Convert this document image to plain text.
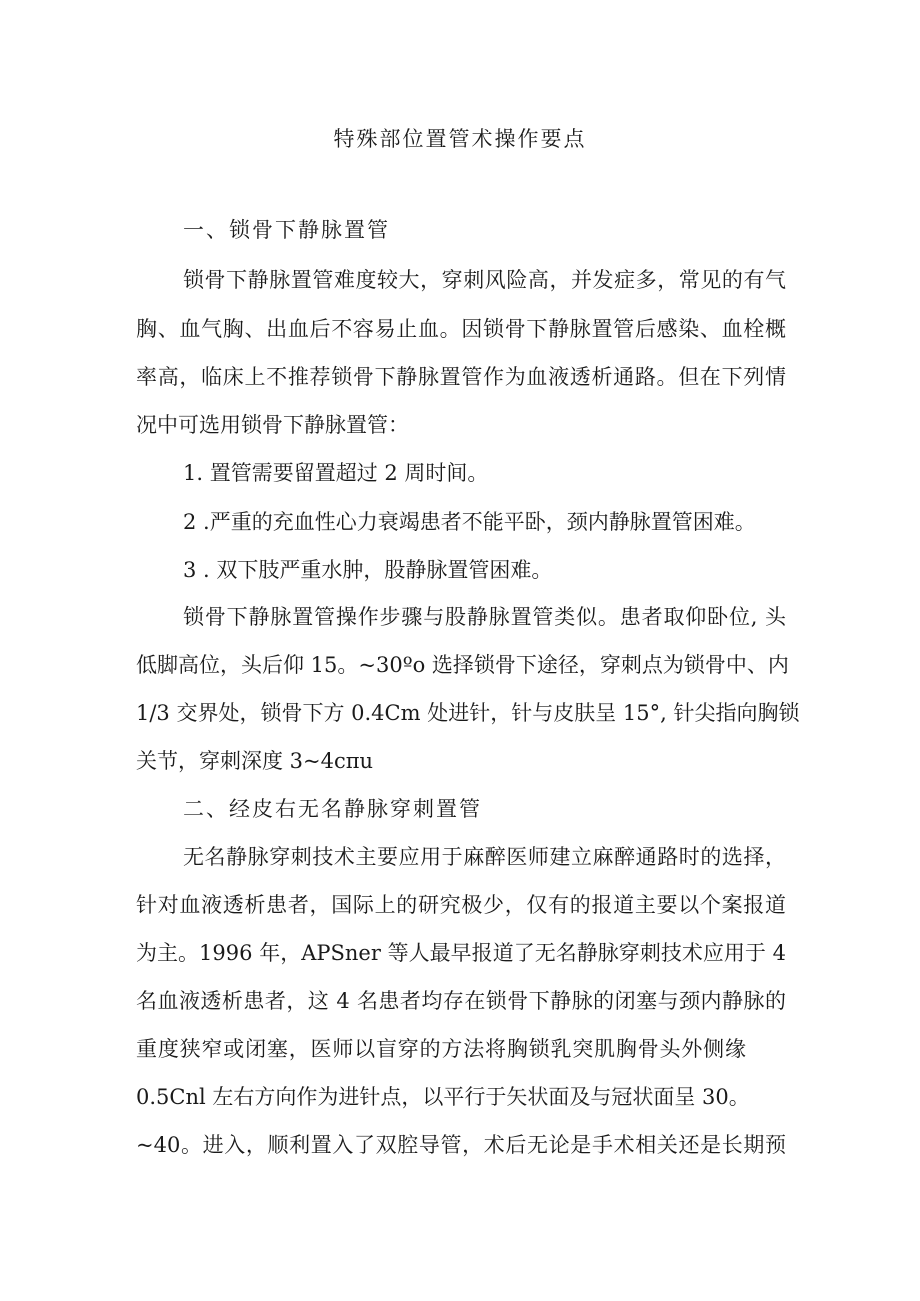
特殊部位置管术操作要点
一、锁骨下静脉置管
锁骨下静脉置管难度较大，穿刺风险高，并发症多，常见的有气
胸、血气胸、出血后不容易止血。因锁骨下静脉置管后感染、血栓概
率高，临床上不推荐锁骨下静脉置管作为血液透析通路。但在下列情
况中可选用锁骨下静脉置管：
1. 置管需要留置超过 2 周时间。
2 .严重的充血性心力衰竭患者不能平卧，颈内静脉置管困难。
3 . 双下肢严重水肿，股静脉置管困难。
锁骨下静脉置管操作步骤与股静脉置管类似。患者取仰卧位, 头
低脚高位，头后仰 15。~30ºo 选择锁骨下途径，穿刺点为锁骨中、内
1/3 交界处，锁骨下方 0.4Cm 处进针，针与皮肤呈 15°, 针尖指向胸锁
关节，穿刺深度 3~4cπu
二、经皮右无名静脉穿刺置管
无名静脉穿刺技术主要应用于麻醉医师建立麻醉通路时的选择，
针对血液透析患者，国际上的研究极少，仅有的报道主要以个案报道
为主。1996 年，APSner 等人最早报道了无名静脉穿刺技术应用于 4
名血液透析患者，这 4 名患者均存在锁骨下静脉的闭塞与颈内静脉的
重度狭窄或闭塞，医师以盲穿的方法将胸锁乳突肌胸骨头外侧缘
0.5Cnl 左右方向作为进针点，以平行于矢状面及与冠状面呈 30。
~40。进入，顺利置入了双腔导管，术后无论是手术相关还是长期预
